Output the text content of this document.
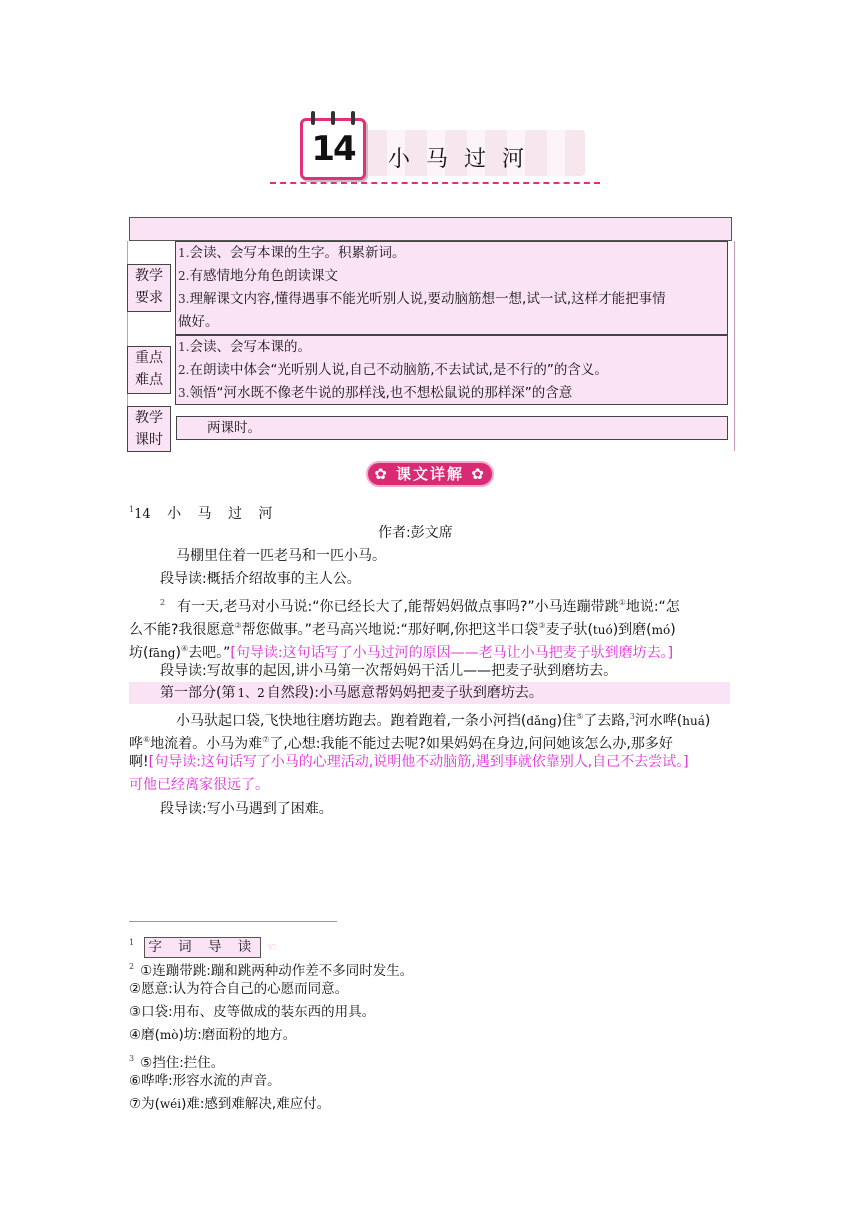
14	小马过河
教学
要求
1.会读、会写本课的生字。积累新词。
2.有感情地分角色朗读课文
3.理解课文内容,懂得遇事不能光听别人说,要动脑筋想一想,试一试,这样才能把事情
做好。
重点
难点
1.会读、会写本课的。
2.在朗读中体会“光听别人说,自己不动脑筋,不去试试,是不行的”的含义。
3.领悟“河水既不像老牛说的那样浅,也不想松鼠说的那样深”的含意
教学
课时
两课时。
✿ 课文详解 ✿
$^1$14 小 马 过 河
作者:彭文席
马棚里住着一匹老马和一匹小马。
段导读:概括介绍故事的主人公。
$^2$ 有一天,老马对小马说:“你已经长大了,能帮妈妈做点事吗?”小马连蹦带跳①地说:“怎
么不能?我很愿意②帮您做事。”老马高兴地说:“那好啊,你把这半口袋③麦子驮(tuó)到磨(mó)
坊(fāng)④去吧。”[句导读:这句话写了小马过河的原因——老马让小马把麦子驮到磨坊去。]
段导读:写故事的起因,讲小马第一次帮妈妈干活儿——把麦子驮到磨坊去。
第一部分(第 1、2 自然段):小马愿意帮妈妈把麦子驮到磨坊去。
小马驮起口袋,飞快地往磨坊跑去。跑着跑着,一条小河挡(dǎng)住⑤了去路,$^3$河水哗(huá)
哗⑥地流着。小马为难⑦了,心想:我能不能过去呢?如果妈妈在身边,问问她该怎么办,那多好
啊![句导读:这句话写了小马的心理活动,说明他不动脑筋,遇到事就依靠别人,自己不去尝试。]
可他已经离家很远了。
段导读:写小马遇到了困难。
$^1$ 字 词 导 读 ☜
$^2$ ①连蹦带跳:蹦和跳两种动作差不多同时发生。
②愿意:认为符合自己的心愿而同意。
③口袋:用布、皮等做成的装东西的用具。
④磨(mò)坊:磨面粉的地方。
$^3$ ⑤挡住:拦住。
⑥哗哗:形容水流的声音。
⑦为(wéi)难:感到难解决,难应付。
